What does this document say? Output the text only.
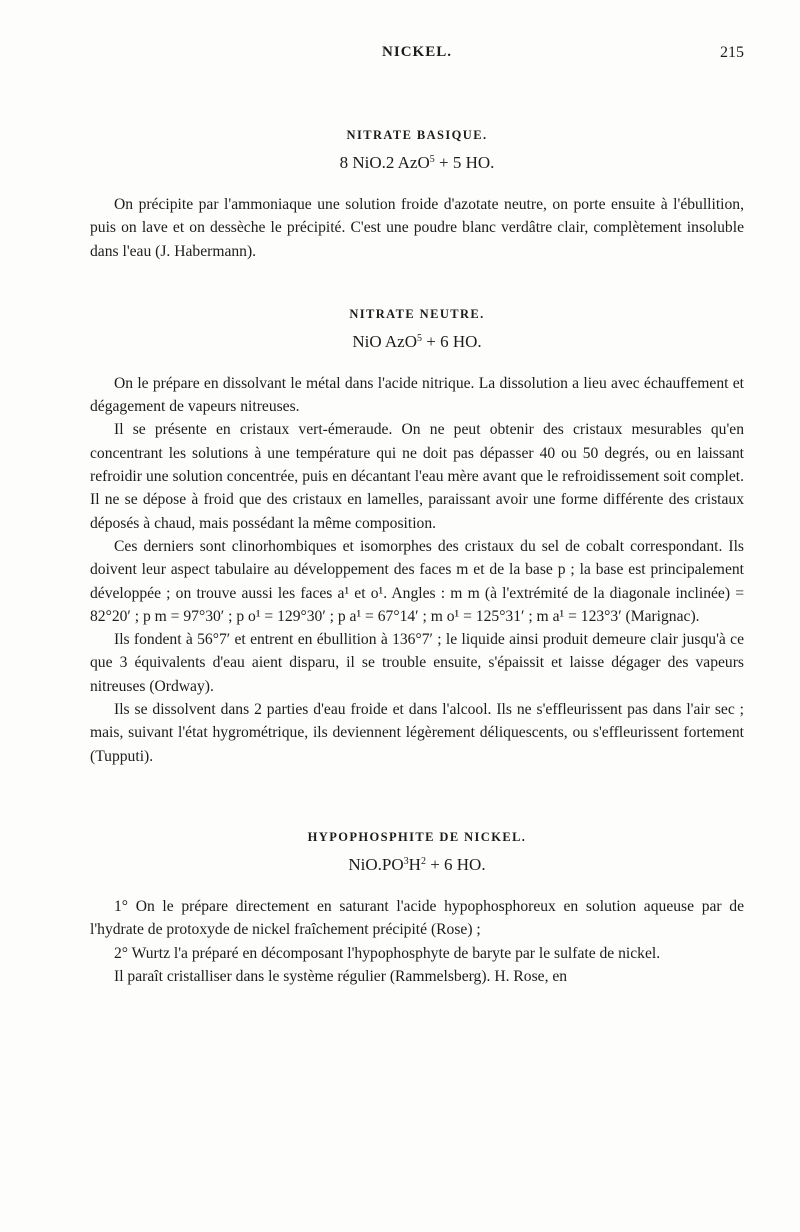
NICKEL.	215
NITRATE BASIQUE.
8 NiO.2 AzO$^5$ + 5 HO.

On précipite par l'ammoniaque une solution froide d'azotate neutre, on porte ensuite à l'ébullition, puis on lave et on dessèche le précipité. C'est une poudre blanc verdâtre clair, complètement insoluble dans l'eau (J. Habermann).

NITRATE NEUTRE.
NiO AzO$^5$ + 6 HO.

On le prépare en dissolvant le métal dans l'acide nitrique. La dissolution a lieu avec échauffement et dégagement de vapeurs nitreuses.

Il se présente en cristaux vert-émeraude. On ne peut obtenir des cristaux mesurables qu'en concentrant les solutions à une température qui ne doit pas dépasser 40 ou 50 degrés, ou en laissant refroidir une solution concentrée, puis en décantant l'eau mère avant que le refroidissement soit complet. Il ne se dépose à froid que des cristaux en lamelles, paraissant avoir une forme différente des cristaux déposés à chaud, mais possédant la même composition.

Ces derniers sont clinorhombiques et isomorphes des cristaux du sel de cobalt correspondant. Ils doivent leur aspect tabulaire au développement des faces m et de la base p ; la base est principalement développée ; on trouve aussi les faces a¹ et o¹. Angles : m m (à l'extrémité de la diagonale inclinée) = 82°20′ ; p m = 97°30′ ; p o¹ = 129°30′ ; p a¹ = 67°14′ ; m o¹ = 125°31′ ; m a¹ = 123°3′ (Marignac).

Ils fondent à 56°7′ et entrent en ébullition à 136°7′ ; le liquide ainsi produit demeure clair jusqu'à ce que 3 équivalents d'eau aient disparu, il se trouble ensuite, s'épaissit et laisse dégager des vapeurs nitreuses (Ordway).

Ils se dissolvent dans 2 parties d'eau froide et dans l'alcool. Ils ne s'effleurissent pas dans l'air sec ; mais, suivant l'état hygrométrique, ils deviennent légèrement déliquescents, ou s'effleurissent fortement (Tupputi).

HYPOPHOSPHITE DE NICKEL.
$NiO.PO^3H^2 + 6$ HO.

1° On le prépare directement en saturant l'acide hypophosphoreux en solution aqueuse par de l'hydrate de protoxyde de nickel fraîchement précipité (Rose) ;

2° Wurtz l'a préparé en décomposant l'hypophosphyte de baryte par le sulfate de nickel.

Il paraît cristalliser dans le système régulier (Rammelsberg). H. Rose, en
